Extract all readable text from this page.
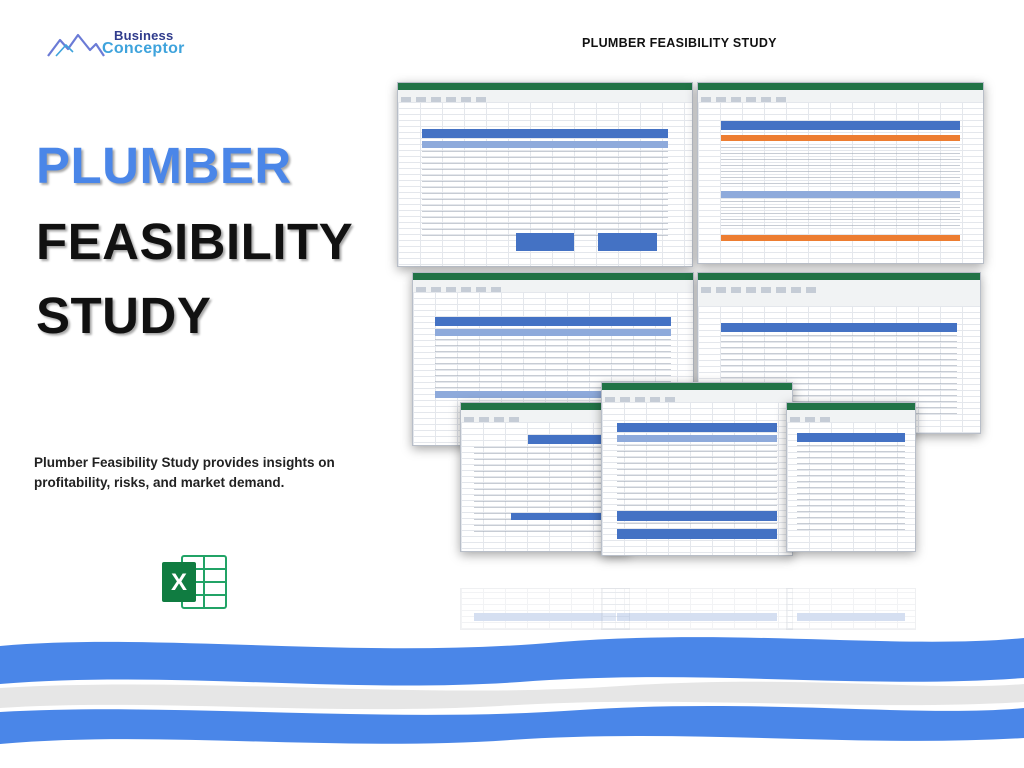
Business
Conceptor	PLUMBER FEASIBILITY STUDY
PLUMBER
FEASIBILITY
STUDY
Plumber Feasibility Study provides insights on profitability, risks, and market demand.
X
